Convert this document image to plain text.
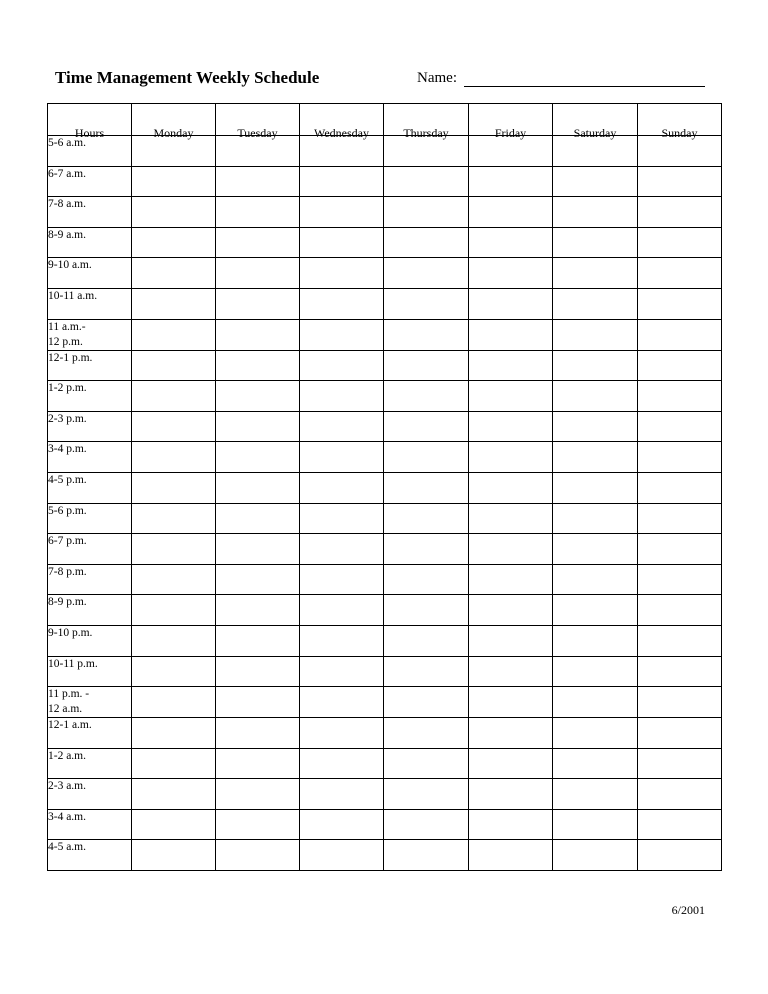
Time Management Weekly Schedule	Name:
Hours	Monday	Tuesday	Wednesday	Thursday	Friday	Saturday	Sunday

5-6 a.m.							

6-7 a.m.							

7-8 a.m.							

8-9 a.m.							

9-10 a.m.							

10-11 a.m.							

11 a.m.-
12 p.m.							

12-1 p.m.							

1-2 p.m.							

2-3 p.m.							

3-4 p.m.							

4-5 p.m.							

5-6 p.m.							

6-7 p.m.							

7-8 p.m.							

8-9 p.m.							

9-10 p.m.							

10-11 p.m.							

11 p.m. -
12 a.m.							

12-1 a.m.							

1-2 a.m.							

2-3 a.m.							

3-4 a.m.							

4-5 a.m.							

6/2001
